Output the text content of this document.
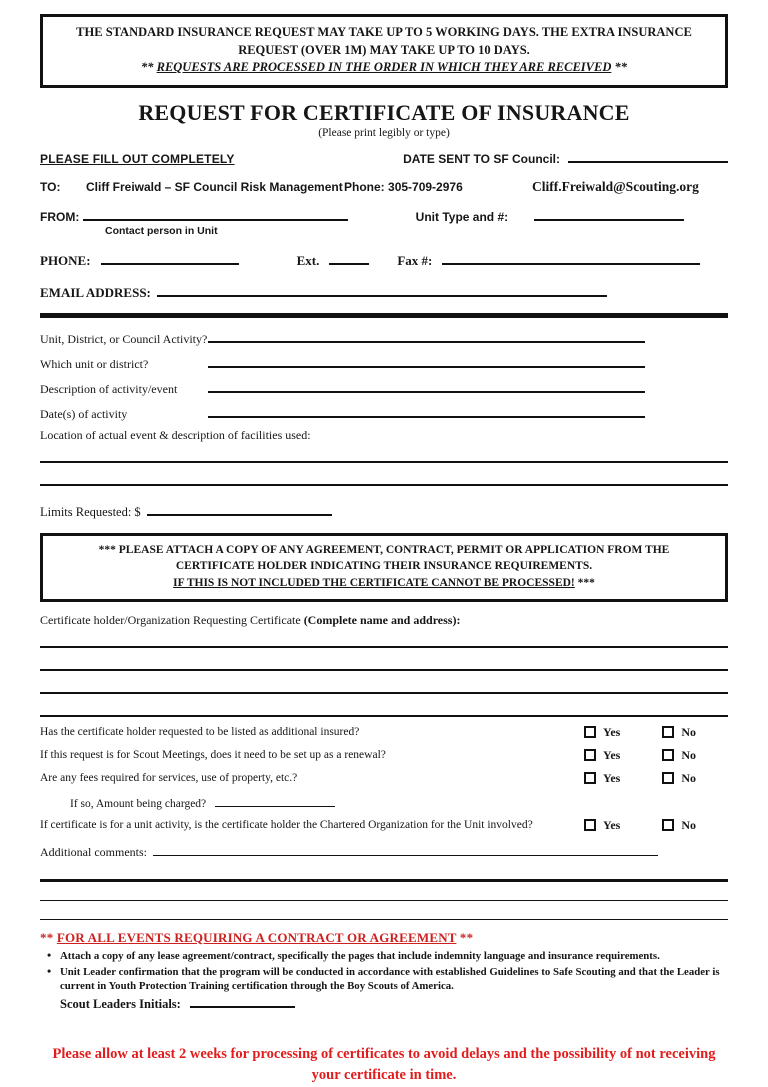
THE STANDARD INSURANCE REQUEST MAY TAKE UP TO 5 WORKING DAYS. THE EXTRA INSURANCE REQUEST (OVER 1M) MAY TAKE UP TO 10 DAYS.
** REQUESTS ARE PROCESSED IN THE ORDER IN WHICH THEY ARE RECEIVED **
REQUEST FOR CERTIFICATE OF INSURANCE
(Please print legibly or type)
PLEASE FILL OUT COMPLETELY	DATE SENT TO SF Council:
TO:	Cliff Freiwald – SF Council Risk Management Phone:
305-709-2976	Cliff.Freiwald@Scouting.org
FROM:
	Unit Type and #:
Contact person in Unit
PHONE:	Ext.	Fax #:
EMAIL ADDRESS:
Unit, District, or Council Activity?
Which unit or district?
Description of activity/event
Date(s) of activity
Location of actual event & description of facilities used:
Limits Requested: $
*** PLEASE ATTACH A COPY OF ANY AGREEMENT, CONTRACT, PERMIT OR APPLICATION FROM THE CERTIFICATE HOLDER INDICATING THEIR INSURANCE REQUIREMENTS.
IF THIS IS NOT INCLUDED THE CERTIFICATE CANNOT BE PROCESSED! ***
Certificate holder/Organization Requesting Certificate (Complete name and address):
Has the certificate holder requested to be listed as additional insured?	Yes	No
If this request is for Scout Meetings, does it need to be set up as a renewal?	Yes	No
Are any fees required for services, use of property, etc.?	Yes	No
If so, Amount being charged?
If certificate is for a unit activity, is the certificate holder the Chartered Organization for the Unit involved?	Yes	No
Additional comments:
** FOR ALL EVENTS REQUIRING A CONTRACT OR AGREEMENT **
• Attach a copy of any lease agreement/contract, specifically the pages that include indemnity language and insurance requirements.
• Unit Leader confirmation that the program will be conducted in accordance with established Guidelines to Safe Scouting and that the Leader is current in Youth Protection Training certification through the Boy Scouts of America.
Scout Leaders Initials:
Please allow at least 2 weeks for processing of certificates to avoid delays and the possibility of not receiving your certificate in time.
